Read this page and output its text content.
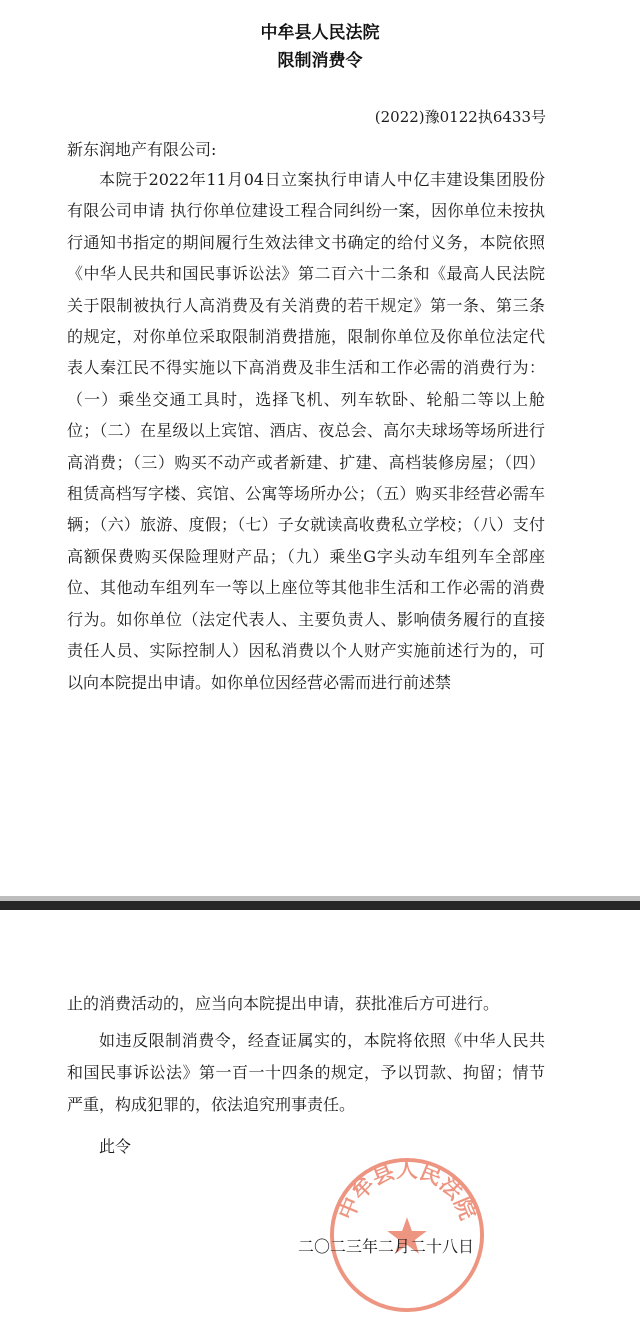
中牟县人民法院
限制消费令
(2022)豫0122执6433号
新东润地产有限公司:

本院于2022年11月04日立案执行申请人中亿丰建设集团股份有限公司申请 执行你单位建设工程合同纠纷一案，因你单位未按执行通知书指定的期间履行生效法律文书确定的给付义务，本院依照《中华人民共和国民事诉讼法》第二百六十二条和《最高人民法院关于限制被执行人高消费及有关消费的若干规定》第一条、第三条的规定，对你单位采取限制消费措施，限制你单位及你单位法定代表人秦江民不得实施以下高消费及非生活和工作必需的消费行为：（一）乘坐交通工具时，选择飞机、列车软卧、轮船二等以上舱位；（二）在星级以上宾馆、酒店、夜总会、高尔夫球场等场所进行高消费；（三）购买不动产或者新建、扩建、高档装修房屋；（四）租赁高档写字楼、宾馆、公寓等场所办公；（五）购买非经营必需车辆；（六）旅游、度假；（七）子女就读高收费私立学校；（八）支付高额保费购买保险理财产品；（九）乘坐G字头动车组列车全部座位、其他动车组列车一等以上座位等其他非生活和工作必需的消费行为。如你单位（法定代表人、主要负责人、影响债务履行的直接责任人员、实际控制人）因私消费以个人财产实施前述行为的，可以向本院提出申请。如你单位因经营必需而进行前述禁

止的消费活动的，应当向本院提出申请，获批准后方可进行。

如违反限制消费令，经查证属实的，本院将依照《中华人民共和国民事诉讼法》第一百一十四条的规定，予以罚款、拘留；情节严重，构成犯罪的，依法追究刑事责任。

此令
中牟县人民法院
二〇二三年二月二十八日
